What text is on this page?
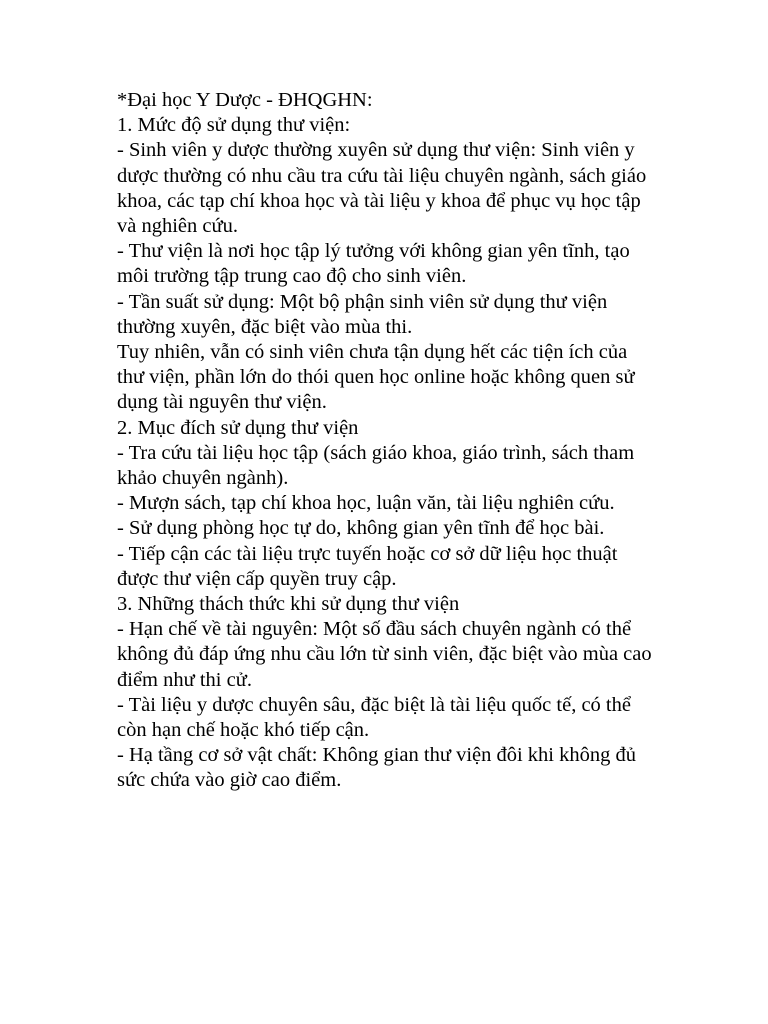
*Đại học Y Dược - ĐHQGHN:

1. Mức độ sử dụng thư viện:

- Sinh viên y dược thường xuyên sử dụng thư viện: Sinh viên y dược thường có nhu cầu tra cứu tài liệu chuyên ngành, sách giáo khoa, các tạp chí khoa học và tài liệu y khoa để phục vụ học tập và nghiên cứu.

- Thư viện là nơi học tập lý tưởng với không gian yên tĩnh, tạo môi trường tập trung cao độ cho sinh viên.

- Tần suất sử dụng: Một bộ phận sinh viên sử dụng thư viện thường xuyên, đặc biệt vào mùa thi.

Tuy nhiên, vẫn có sinh viên chưa tận dụng hết các tiện ích của thư viện, phần lớn do thói quen học online hoặc không quen sử dụng tài nguyên thư viện.

2. Mục đích sử dụng thư viện

- Tra cứu tài liệu học tập (sách giáo khoa, giáo trình, sách tham khảo chuyên ngành).

- Mượn sách, tạp chí khoa học, luận văn, tài liệu nghiên cứu.

- Sử dụng phòng học tự do, không gian yên tĩnh để học bài.

- Tiếp cận các tài liệu trực tuyến hoặc cơ sở dữ liệu học thuật được thư viện cấp quyền truy cập.

3. Những thách thức khi sử dụng thư viện

- Hạn chế về tài nguyên: Một số đầu sách chuyên ngành có thể không đủ đáp ứng nhu cầu lớn từ sinh viên, đặc biệt vào mùa cao điểm như thi cử.

- Tài liệu y dược chuyên sâu, đặc biệt là tài liệu quốc tế, có thể còn hạn chế hoặc khó tiếp cận.

- Hạ tầng cơ sở vật chất: Không gian thư viện đôi khi không đủ sức chứa vào giờ cao điểm.
